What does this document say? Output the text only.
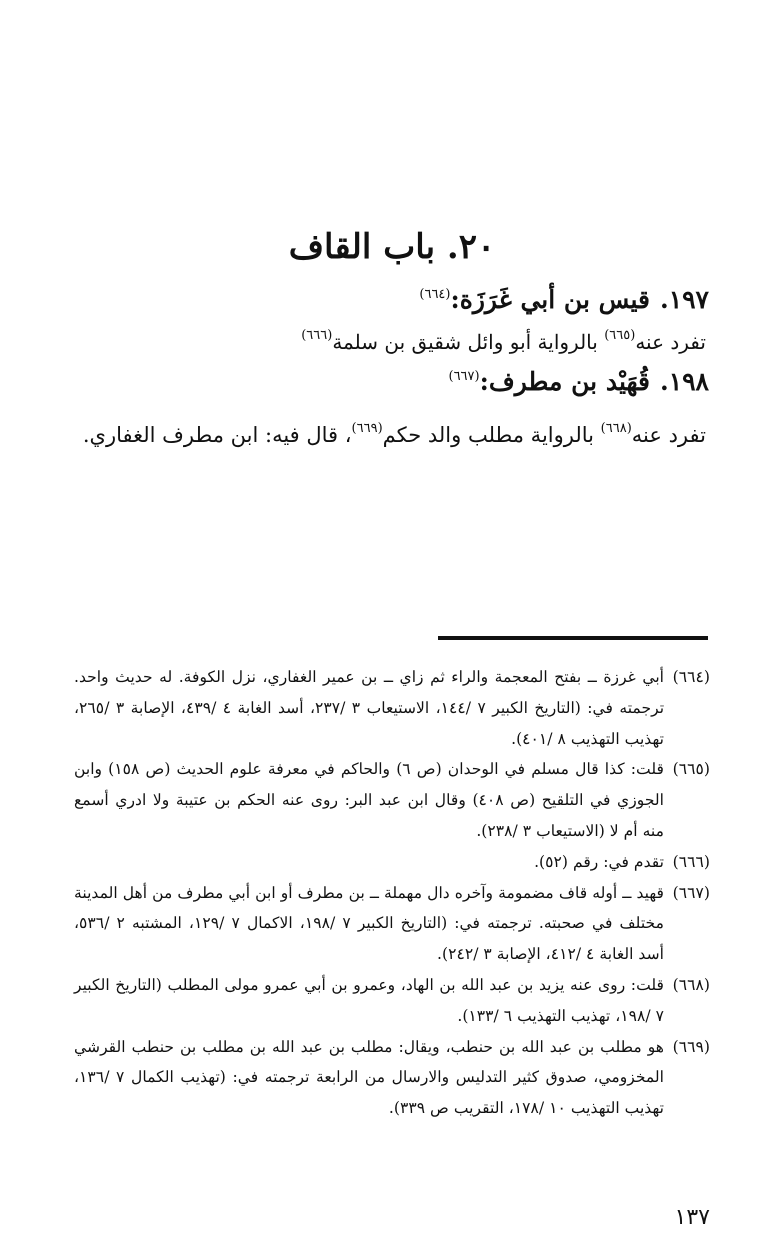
٢٠. باب القاف
١٩٧.قيس بن أبي غَرَزَة:$^{(٦٦٤)}$
تفرد عنه$^{(٦٦٥)}$ بالرواية أبو وائل شقيق بن سلمة$^{(٦٦٦)}$
١٩٨.قُهَيْد بن مطرف:$^{(٦٦٧)}$
تفرد عنه$^{(٦٦٨)}$ بالرواية مطلب والد حكم$^{(٦٦٩)}$، قال فيه: ابن مطرف الغفاري.
(٦٦٤)
أبي غرزة ــ بفتح المعجمة والراء ثم زاي ــ بن عمير الغفاري، نزل الكوفة. له حديث واحد. ترجمته في: (التاريخ الكبير ٧ /١٤٤، الاستيعاب ٣ /٢٣٧، أسد الغابة ٤ /٤٣٩، الإصابة ٣ /٢٦٥، تهذيب التهذيب ٨ /٤٠١).
(٦٦٥)
قلت: كذا قال مسلم في الوحدان (ص ٦) والحاكم في معرفة علوم الحديث (ص ١٥٨) وابن الجوزي في التلقيح (ص ٤٠٨) وقال ابن عبد البر: روى عنه الحكم بن عتيبة ولا ادري أسمع منه أم لا (الاستيعاب ٣ /٢٣٨).
(٦٦٦)
تقدم في: رقم (٥٢).
(٦٦٧)
قهيد ــ أوله قاف مضمومة وآخره دال مهملة ــ بن مطرف أو ابن أبي مطرف من أهل المدينة مختلف في صحبته. ترجمته في: (التاريخ الكبير ٧ /١٩٨، الاكمال ٧ /١٢٩، المشتبه ٢ /٥٣٦، أسد الغابة ٤ /٤١٢، الإصابة ٣ /٢٤٢).
(٦٦٨)
قلت: روى عنه يزيد بن عبد الله بن الهاد، وعمرو بن أبي عمرو مولى المطلب (التاريخ الكبير ٧ /١٩٨، تهذيب التهذيب ٦ /١٣٣).
(٦٦٩)
هو مطلب بن عبد الله بن حنطب، ويقال: مطلب بن عبد الله بن مطلب بن حنطب القرشي المخزومي، صدوق كثير التدليس والارسال من الرابعة ترجمته في: (تهذيب الكمال ٧ /١٣٦، تهذيب التهذيب ١٠ /١٧٨، التقريب ص ٣٣٩).
١٣٧
